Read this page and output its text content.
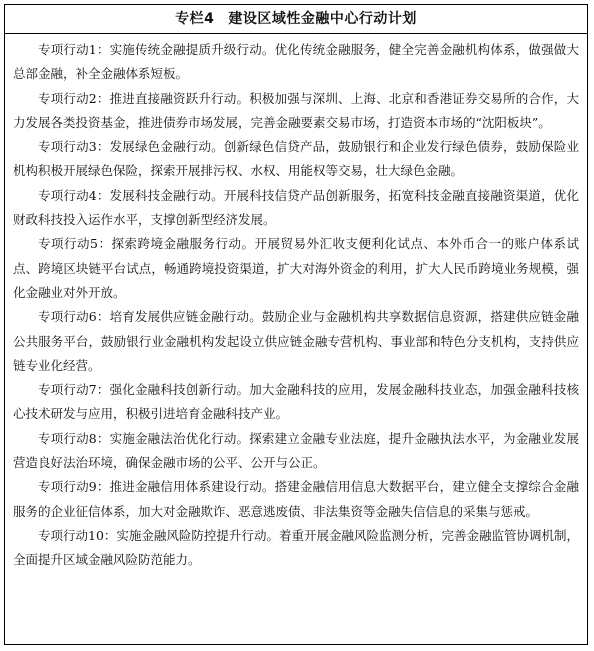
专栏4 建设区域性金融中心行动计划

专项行动1：实施传统金融提质升级行动。优化传统金融服务，健全完善金融机构体系，做强做大总部金融，补全金融体系短板。

专项行动2：推进直接融资跃升行动。积极加强与深圳、上海、北京和香港证券交易所的合作，大力发展各类投资基金，推进债券市场发展，完善金融要素交易市场，打造资本市场的“沈阳板块”。

专项行动3：发展绿色金融行动。创新绿色信贷产品，鼓励银行和企业发行绿色债券，鼓励保险业机构积极开展绿色保险，探索开展排污权、水权、用能权等交易，壮大绿色金融。

专项行动4：发展科技金融行动。开展科技信贷产品创新服务，拓宽科技金融直接融资渠道，优化财政科技投入运作水平，支撑创新型经济发展。

专项行动5：探索跨境金融服务行动。开展贸易外汇收支便利化试点、本外币合一的账户体系试点、跨境区块链平台试点，畅通跨境投资渠道，扩大对海外资金的利用，扩大人民币跨境业务规模，强化金融业对外开放。

专项行动6：培育发展供应链金融行动。鼓励企业与金融机构共享数据信息资源，搭建供应链金融公共服务平台，鼓励银行业金融机构发起设立供应链金融专营机构、事业部和特色分支机构，支持供应链专业化经营。

专项行动7：强化金融科技创新行动。加大金融科技的应用，发展金融科技业态，加强金融科技核心技术研发与应用，积极引进培育金融科技产业。

专项行动8：实施金融法治优化行动。探索建立金融专业法庭，提升金融执法水平，为金融业发展营造良好法治环境，确保金融市场的公平、公开与公正。

专项行动9：推进金融信用体系建设行动。搭建金融信用信息大数据平台，建立健全支撑综合金融服务的企业征信体系，加大对金融欺诈、恶意逃废债、非法集资等金融失信信息的采集与惩戒。

专项行动10：实施金融风险防控提升行动。着重开展金融风险监测分析，完善金融监管协调机制，全面提升区域金融风险防范能力。
